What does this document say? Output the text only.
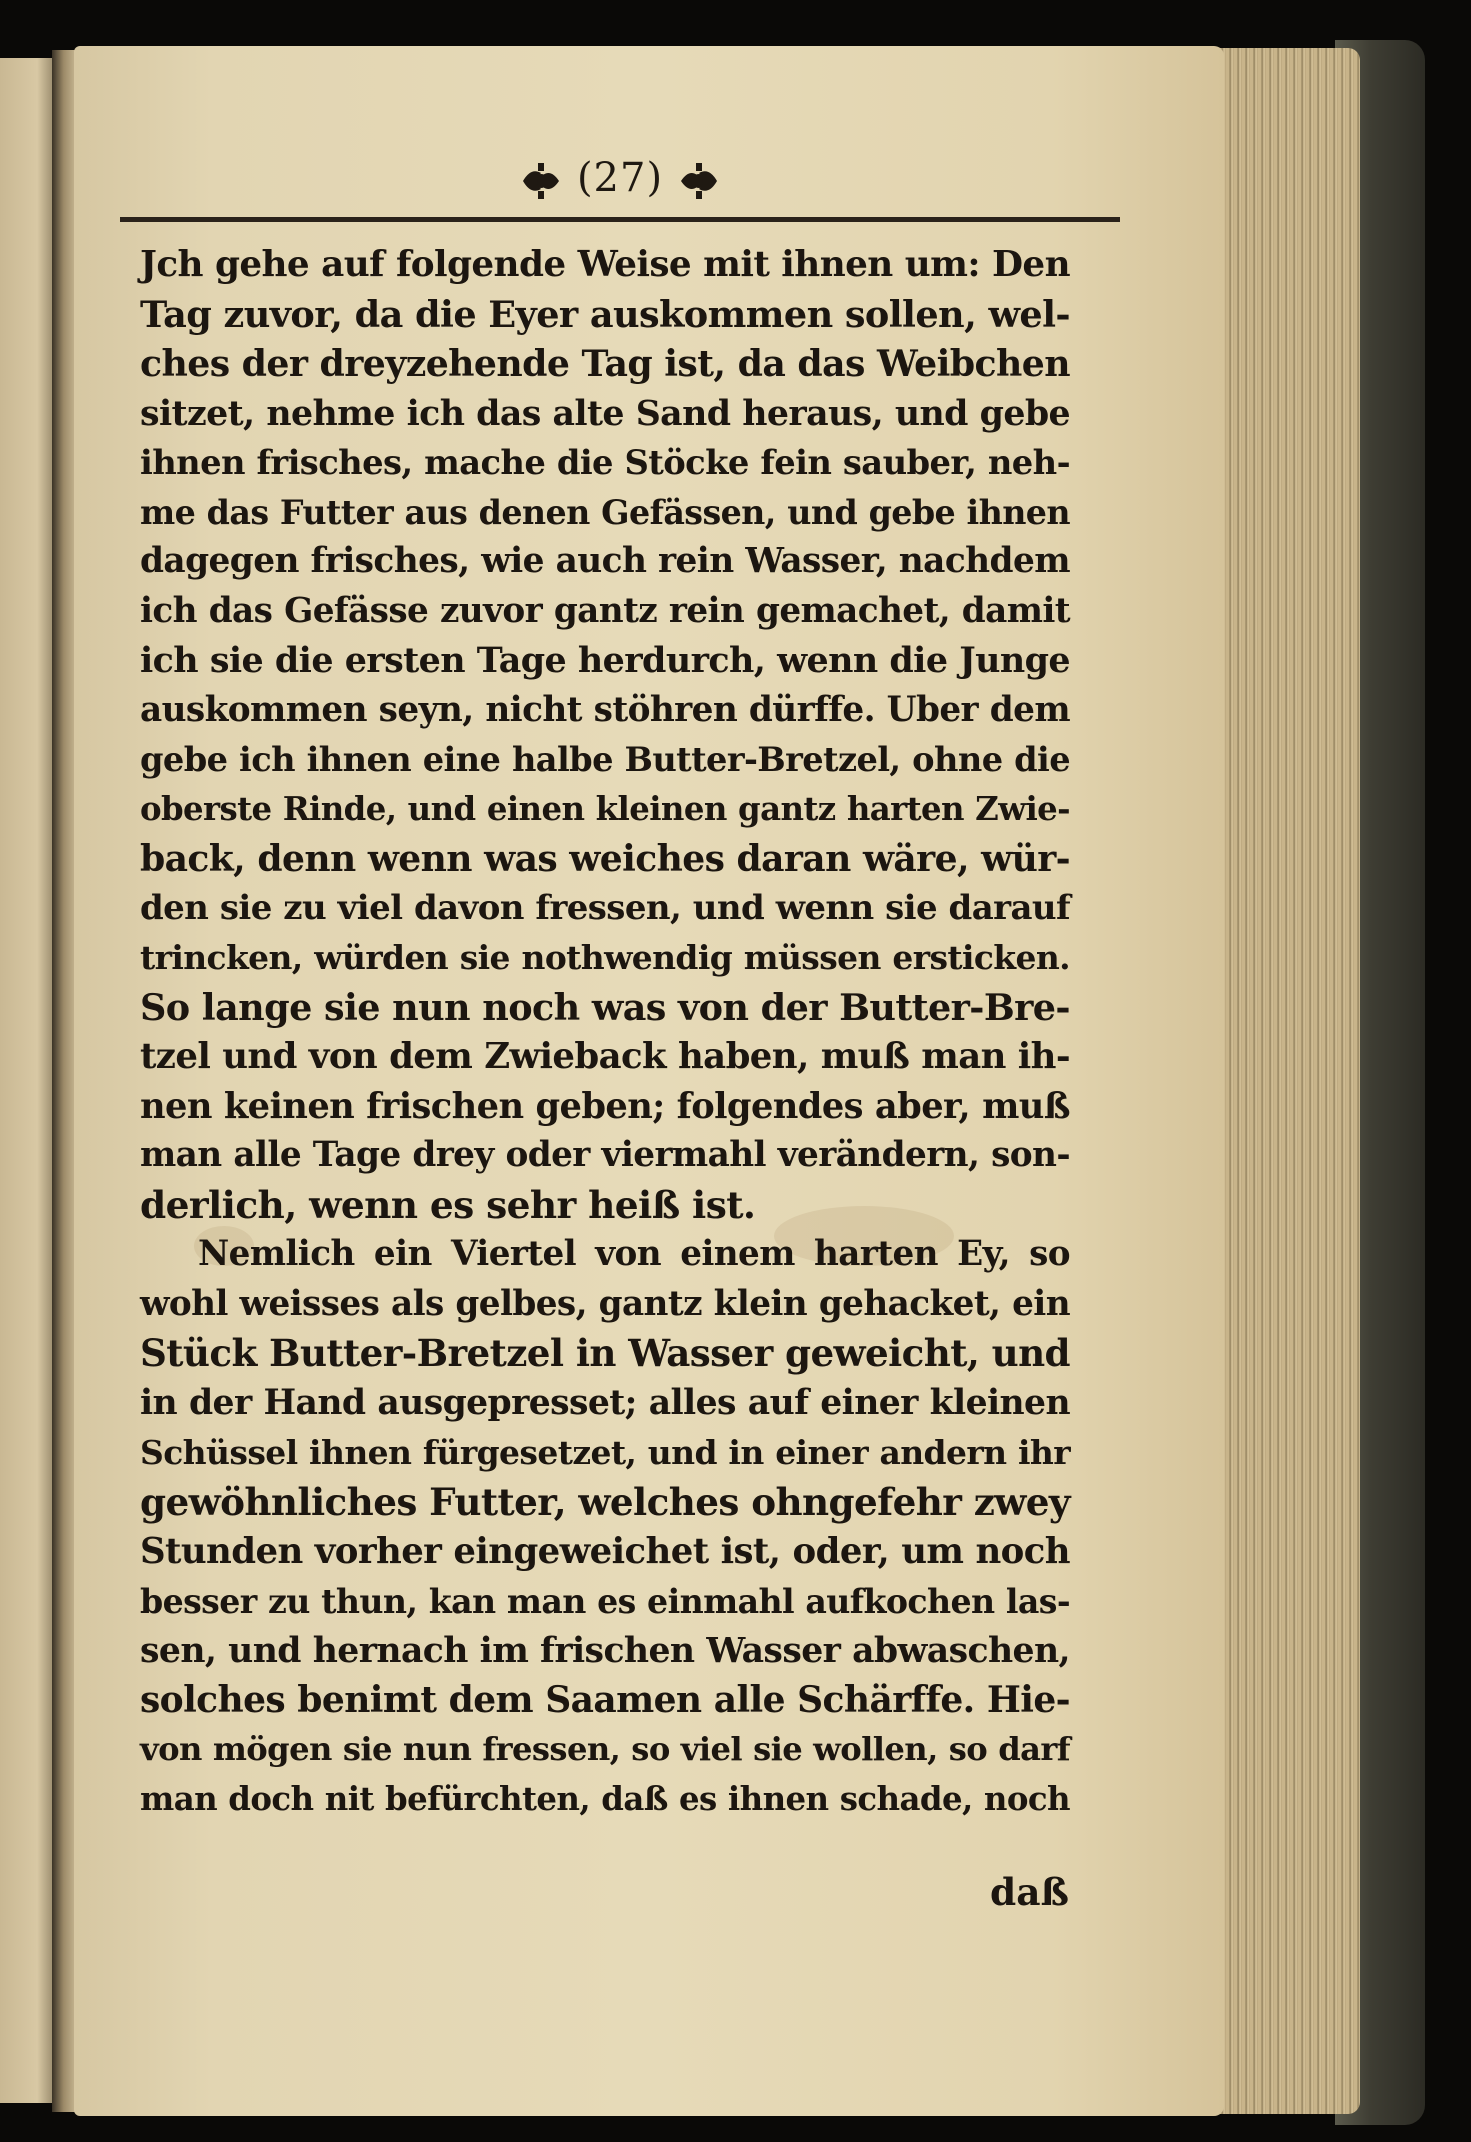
(27)
Jch gehe auf folgende Weise mit ihnen um: Den
Tag zuvor, da die Eyer auskommen sollen, wel-
ches der dreyzehende Tag ist, da das Weibchen
sitzet, nehme ich das alte Sand heraus, und gebe
ihnen frisches, mache die Stöcke fein sauber, neh-
me das Futter aus denen Gefässen, und gebe ihnen
dagegen frisches, wie auch rein Wasser, nachdem
ich das Gefässe zuvor gantz rein gemachet, damit
ich sie die ersten Tage herdurch, wenn die Junge
auskommen seyn, nicht stöhren dürffe. Uber dem
gebe ich ihnen eine halbe Butter-Bretzel, ohne die
oberste Rinde, und einen kleinen gantz harten Zwie-
back, denn wenn was weiches daran wäre, wür-
den sie zu viel davon fressen, und wenn sie darauf
trincken, würden sie nothwendig müssen ersticken.
So lange sie nun noch was von der Butter-Bre-
tzel und von dem Zwieback haben, muß man ih-
nen keinen frischen geben; folgendes aber, muß
man alle Tage drey oder viermahl verändern, son-
derlich, wenn es sehr heiß ist.
Nemlich ein Viertel von einem harten Ey, so
wohl weisses als gelbes, gantz klein gehacket, ein
Stück Butter-Bretzel in Wasser geweicht, und
in der Hand ausgepresset; alles auf einer kleinen
Schüssel ihnen fürgesetzet, und in einer andern ihr
gewöhnliches Futter, welches ohngefehr zwey
Stunden vorher eingeweichet ist, oder, um noch
besser zu thun, kan man es einmahl aufkochen las-
sen, und hernach im frischen Wasser abwaschen,
solches benimt dem Saamen alle Schärffe. Hie-
von mögen sie nun fressen, so viel sie wollen, so darf
man doch nit befürchten, daß es ihnen schade, noch
daß
